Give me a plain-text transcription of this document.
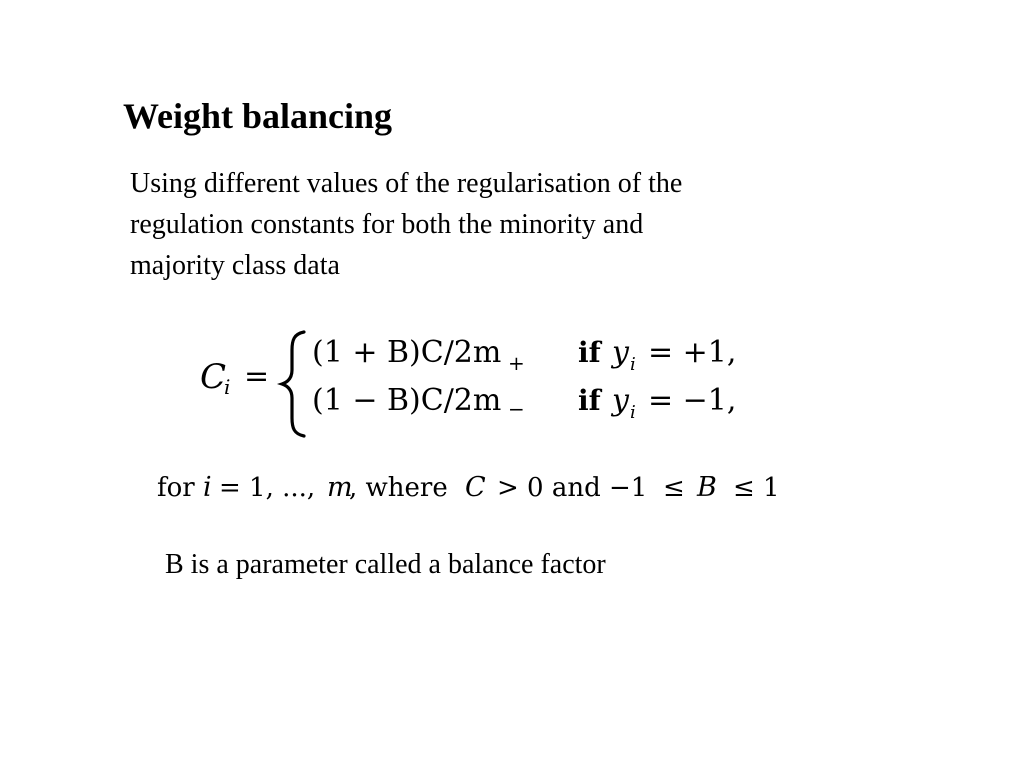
Weight balancing
Using different values of the regularisation of the
regulation constants for both the minority and
majority class data
C
i =
(1 + B)C/2m + if y i = +1,
(1 − B)C/2m − if y i = −1,
for i = 1, ..., m
, where C > 0 and −1 ≤ B ≤ 1
B is a parameter called a balance factor
